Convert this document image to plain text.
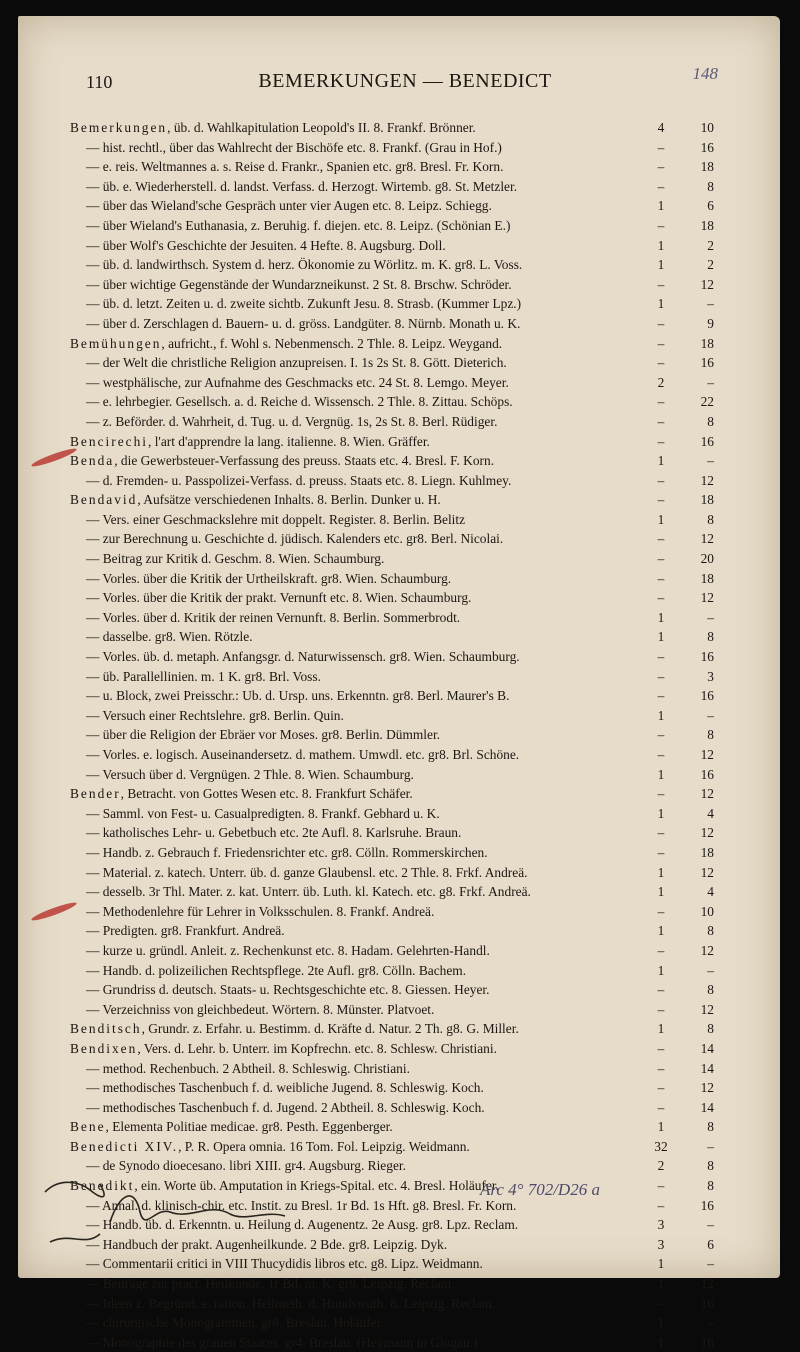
110	BEMERKUNGEN — BENEDICT	148
Bemerkungen, üb. d. Wahlkapitulation Leopold's II. 8. Frankf. Brönner.	4	10
— hist. rechtl., über das Wahlrecht der Bischöfe etc. 8. Frankf. (Grau in Hof.)	–	16
— e. reis. Weltmannes a. s. Reise d. Frankr., Spanien etc. gr8. Bresl. Fr. Korn.	–	18
— üb. e. Wiederherstell. d. landst. Verfass. d. Herzogt. Wirtemb. g8. St. Metzler.	–	8
— über das Wieland'sche Gespräch unter vier Augen etc. 8. Leipz. Schiegg.	1	6
— über Wieland's Euthanasia, z. Beruhig. f. diejen. etc. 8. Leipz. (Schönian E.)	–	18
— über Wolf's Geschichte der Jesuiten. 4 Hefte. 8. Augsburg. Doll.	1	2
— üb. d. landwirthsch. System d. herz. Ökonomie zu Wörlitz. m. K. gr8. L. Voss.	1	2
— über wichtige Gegenstände der Wundarzneikunst. 2 St. 8. Brschw. Schröder.	–	12
— üb. d. letzt. Zeiten u. d. zweite sichtb. Zukunft Jesu. 8. Strasb. (Kummer Lpz.)	1	–
— über d. Zerschlagen d. Bauern- u. d. gröss. Landgüter. 8. Nürnb. Monath u. K.	–	9
Bemühungen, aufricht., f. Wohl s. Nebenmensch. 2 Thle. 8. Leipz. Weygand.	–	18
— der Welt die christliche Religion anzupreisen. I. 1s 2s St. 8. Gött. Dieterich.	–	16
— westphälische, zur Aufnahme des Geschmacks etc. 24 St. 8. Lemgo. Meyer.	2	–
— e. lehrbegier. Gesellsch. a. d. Reiche d. Wissensch. 2 Thle. 8. Zittau. Schöps.	–	22
— z. Beförder. d. Wahrheit, d. Tug. u. d. Vergnüg. 1s, 2s St. 8. Berl. Rüdiger.	–	8
Bencirechi, l'art d'apprendre la lang. italienne. 8. Wien. Gräffer.	–	16
Benda, die Gewerbsteuer-Verfassung des preuss. Staats etc. 4. Bresl. F. Korn.	1	–
— d. Fremden- u. Passpolizei-Verfass. d. preuss. Staats etc. 8. Liegn. Kuhlmey.	–	12
Bendavid, Aufsätze verschiedenen Inhalts. 8. Berlin. Dunker u. H.	–	18
— Vers. einer Geschmackslehre mit doppelt. Register. 8. Berlin. Belitz	1	8
— zur Berechnung u. Geschichte d. jüdisch. Kalenders etc. gr8. Berl. Nicolai.	–	12
— Beitrag zur Kritik d. Geschm. 8. Wien. Schaumburg.	–	20
— Vorles. über die Kritik der Urtheilskraft. gr8. Wien. Schaumburg.	–	18
— Vorles. über die Kritik der prakt. Vernunft etc. 8. Wien. Schaumburg.	–	12
— Vorles. über d. Kritik der reinen Vernunft. 8. Berlin. Sommerbrodt.	1	–
— dasselbe. gr8. Wien. Rötzle.	1	8
— Vorles. üb. d. metaph. Anfangsgr. d. Naturwissensch. gr8. Wien. Schaumburg.	–	16
— üb. Parallellinien. m. 1 K. gr8. Brl. Voss.	–	3
— u. Block, zwei Preisschr.: Ub. d. Ursp. uns. Erkenntn. gr8. Berl. Maurer's B.	–	16
— Versuch einer Rechtslehre. gr8. Berlin. Quin.	1	–
— über die Religion der Ebräer vor Moses. gr8. Berlin. Dümmler.	–	8
— Vorles. e. logisch. Auseinandersetz. d. mathem. Umwdl. etc. gr8. Brl. Schöne.	–	12
— Versuch über d. Vergnügen. 2 Thle. 8. Wien. Schaumburg.	1	16
Bender, Betracht. von Gottes Wesen etc. 8. Frankfurt Schäfer.	–	12
— Samml. von Fest- u. Casualpredigten. 8. Frankf. Gebhard u. K.	1	4
— katholisches Lehr- u. Gebetbuch etc. 2te Aufl. 8. Karlsruhe. Braun.	–	12
— Handb. z. Gebrauch f. Friedensrichter etc. gr8. Cölln. Rommerskirchen.	–	18
— Material. z. katech. Unterr. üb. d. ganze Glaubensl. etc. 2 Thle. 8. Frkf. Andreä.	1	12
— desselb. 3r Thl. Mater. z. kat. Unterr. üb. Luth. kl. Katech. etc. g8. Frkf. Andreä.	1	4
— Methodenlehre für Lehrer in Volksschulen. 8. Frankf. Andreä.	–	10
— Predigten. gr8. Frankfurt. Andreä.	1	8
— kurze u. gründl. Anleit. z. Rechenkunst etc. 8. Hadam. Gelehrten-Handl.	–	12
— Handb. d. polizeilichen Rechtspflege. 2te Aufl. gr8. Cölln. Bachem.	1	–
— Grundriss d. deutsch. Staats- u. Rechtsgeschichte etc. 8. Giessen. Heyer.	–	8
— Verzeichniss von gleichbedeut. Wörtern. 8. Münster. Platvoet.	–	12
Benditsch, Grundr. z. Erfahr. u. Bestimm. d. Kräfte d. Natur. 2 Th. g8. G. Miller.	1	8
Bendixen, Vers. d. Lehr. b. Unterr. im Kopfrechn. etc. 8. Schlesw. Christiani.	–	14
— method. Rechenbuch. 2 Abtheil. 8. Schleswig. Christiani.	–	14
— methodisches Taschenbuch f. d. weibliche Jugend. 8. Schleswig. Koch.	–	12
— methodisches Taschenbuch f. d. Jugend. 2 Abtheil. 8. Schleswig. Koch.	–	14
Bene, Elementa Politiae medicae. gr8. Pesth. Eggenberger.	1	8
Benedicti XIV., P. R. Opera omnia. 16 Tom. Fol. Leipzig. Weidmann.	32	–
— de Synodo dioecesano. libri XIII. gr4. Augsburg. Rieger.	2	8
Benedikt, ein. Worte üb. Amputation in Kriegs-Spital. etc. 4. Bresl. Holäufer.	–	8
— Annal. d. klinisch-chir. etc. Instit. zu Bresl. 1r Bd. 1s Hft. g8. Bresl. Fr. Korn.	–	16
— Handb. üb. d. Erkenntn. u. Heilung d. Augenentz. 2e Ausg. gr8. Lpz. Reclam.	3	–
— Handbuch der prakt. Augenheilkunde. 2 Bde. gr8. Leipzig. Dyk.	3	6
— Commentarii critici in VIII Thucydidis libros etc. g8. Lipz. Weidmann.	1	–
— Beiträge zur pract. Heilkunde. 1r Bd. m. K. gr8. Leipzig. Reclam.	1	12
— Ideen z. Begründ. e. ration. Heilmeth. d. Hundswuth. 8. Leipzig. Reclam.	–	16
— chirurgische Monogrammen. gr8. Breslau. Holäufer.	1	–
— Monographie des grauen Staares. gr4. Breslau. (Heymann in Glogau.)	1	16
Arc 4° 702/D26 a
